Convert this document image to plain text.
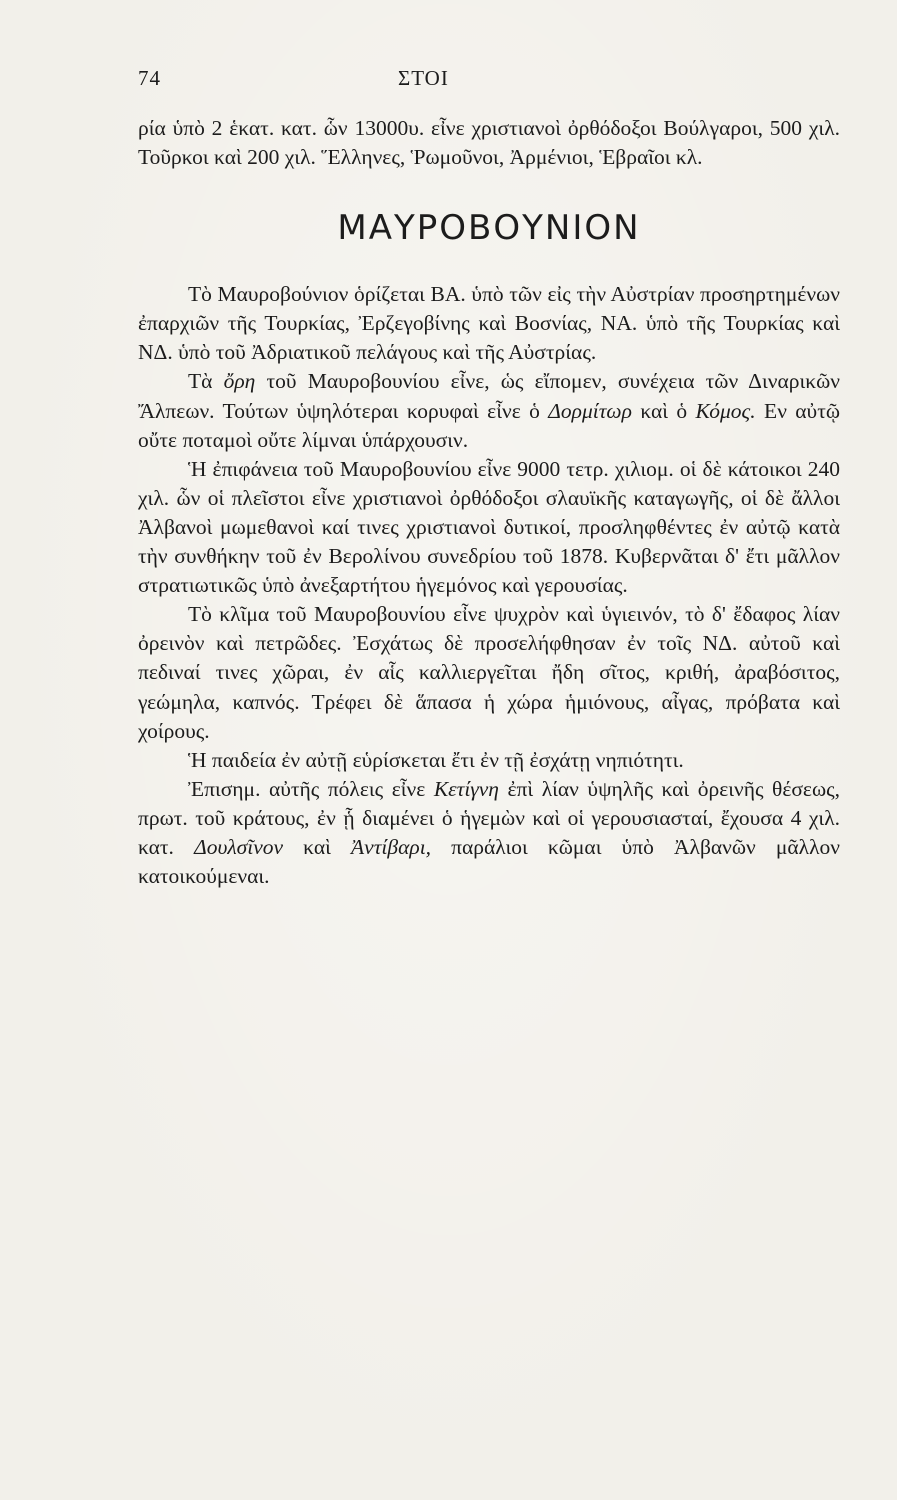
74	ΣΤΟΙ

ρία ὑπὸ 2 ἑκατ. κατ. ὧν 13000υ. εἶνε χριστιανοὶ ὀρθόδοξοι Βούλγαροι, 500 χιλ. Τοῦρκοι καὶ 200 χιλ. Ἕλληνες, Ῥωμοῦνοι, Ἀρμένιοι, Ἑβραῖοι κλ.

ΜΑΥΡΟΒΟΥΝΙΟΝ

Τὸ Μαυροβούνιον ὁρίζεται ΒΑ. ὑπὸ τῶν εἰς τὴν Αὐστρίαν προσηρτημένων ἐπαρχιῶν τῆς Τουρκίας, Ἐρζεγοβίνης καὶ Βοσνίας, ΝΑ. ὑπὸ τῆς Τουρκίας καὶ ΝΔ. ὑπὸ τοῦ Ἀδριατικοῦ πελάγους καὶ τῆς Αὐστρίας.

Τὰ ὄρη τοῦ Μαυροβουνίου εἶνε, ὡς εἴπομεν, συνέχεια τῶν Διναρικῶν Ἄλπεων. Τούτων ὑψηλότεραι κορυφαὶ εἶνε ὁ Δορμίτωρ καὶ ὁ Κόμος. Εν αὐτῷ οὔτε ποταμοὶ οὔτε λίμναι ὑπάρχουσιν.

Ἡ ἐπιφάνεια τοῦ Μαυροβουνίου εἶνε 9000 τετρ. χιλιομ. οἱ δὲ κάτοικοι 240 χιλ. ὧν οἱ πλεῖστοι εἶνε χριστιανοὶ ὀρθόδοξοι σλαυϊκῆς καταγωγῆς, οἱ δὲ ἄλλοι Ἀλβανοὶ μωμεθανοὶ καί τινες χριστιανοὶ δυτικοί, προσληφθέντες ἐν αὐτῷ κατὰ τὴν συνθήκην τοῦ ἐν Βερολίνου συνεδρίου τοῦ 1878. Κυβερνᾶται δ' ἔτι μᾶλλον στρατιωτικῶς ὑπὸ ἀνεξαρτήτου ἡγεμόνος καὶ γερουσίας.

Τὸ κλῖμα τοῦ Μαυροβουνίου εἶνε ψυχρὸν καὶ ὑγιεινόν, τὸ δ' ἔδαφος λίαν ὀρεινὸν καὶ πετρῶδες. Ἐσχάτως δὲ προσελήφθησαν ἐν τοῖς ΝΔ. αὐτοῦ καὶ πεδιναί τινες χῶραι, ἐν αἷς καλλιεργεῖται ἤδη σῖτος, κριθή, ἀραβόσιτος, γεώμηλα, καπνός. Τρέφει δὲ ἅπασα ἡ χώρα ἡμιόνους, αἶγας, πρόβατα καὶ χοίρους.

Ἡ παιδεία ἐν αὐτῇ εὑρίσκεται ἔτι ἐν τῇ ἐσχάτῃ νηπιότητι.

Ἐπισημ. αὐτῆς πόλεις εἶνε Κετίγνη ἐπὶ λίαν ὑψηλῆς καὶ ὀρεινῆς θέσεως, πρωτ. τοῦ κράτους, ἐν ᾗ διαμένει ὁ ἡγεμὼν καὶ οἱ γερουσιασταί, ἔχουσα 4 χιλ. κατ. Δουλσῖνον καὶ Ἀντίβαρι, παράλιοι κῶμαι ὑπὸ Ἀλβανῶν μᾶλλον κατοικούμεναι.
